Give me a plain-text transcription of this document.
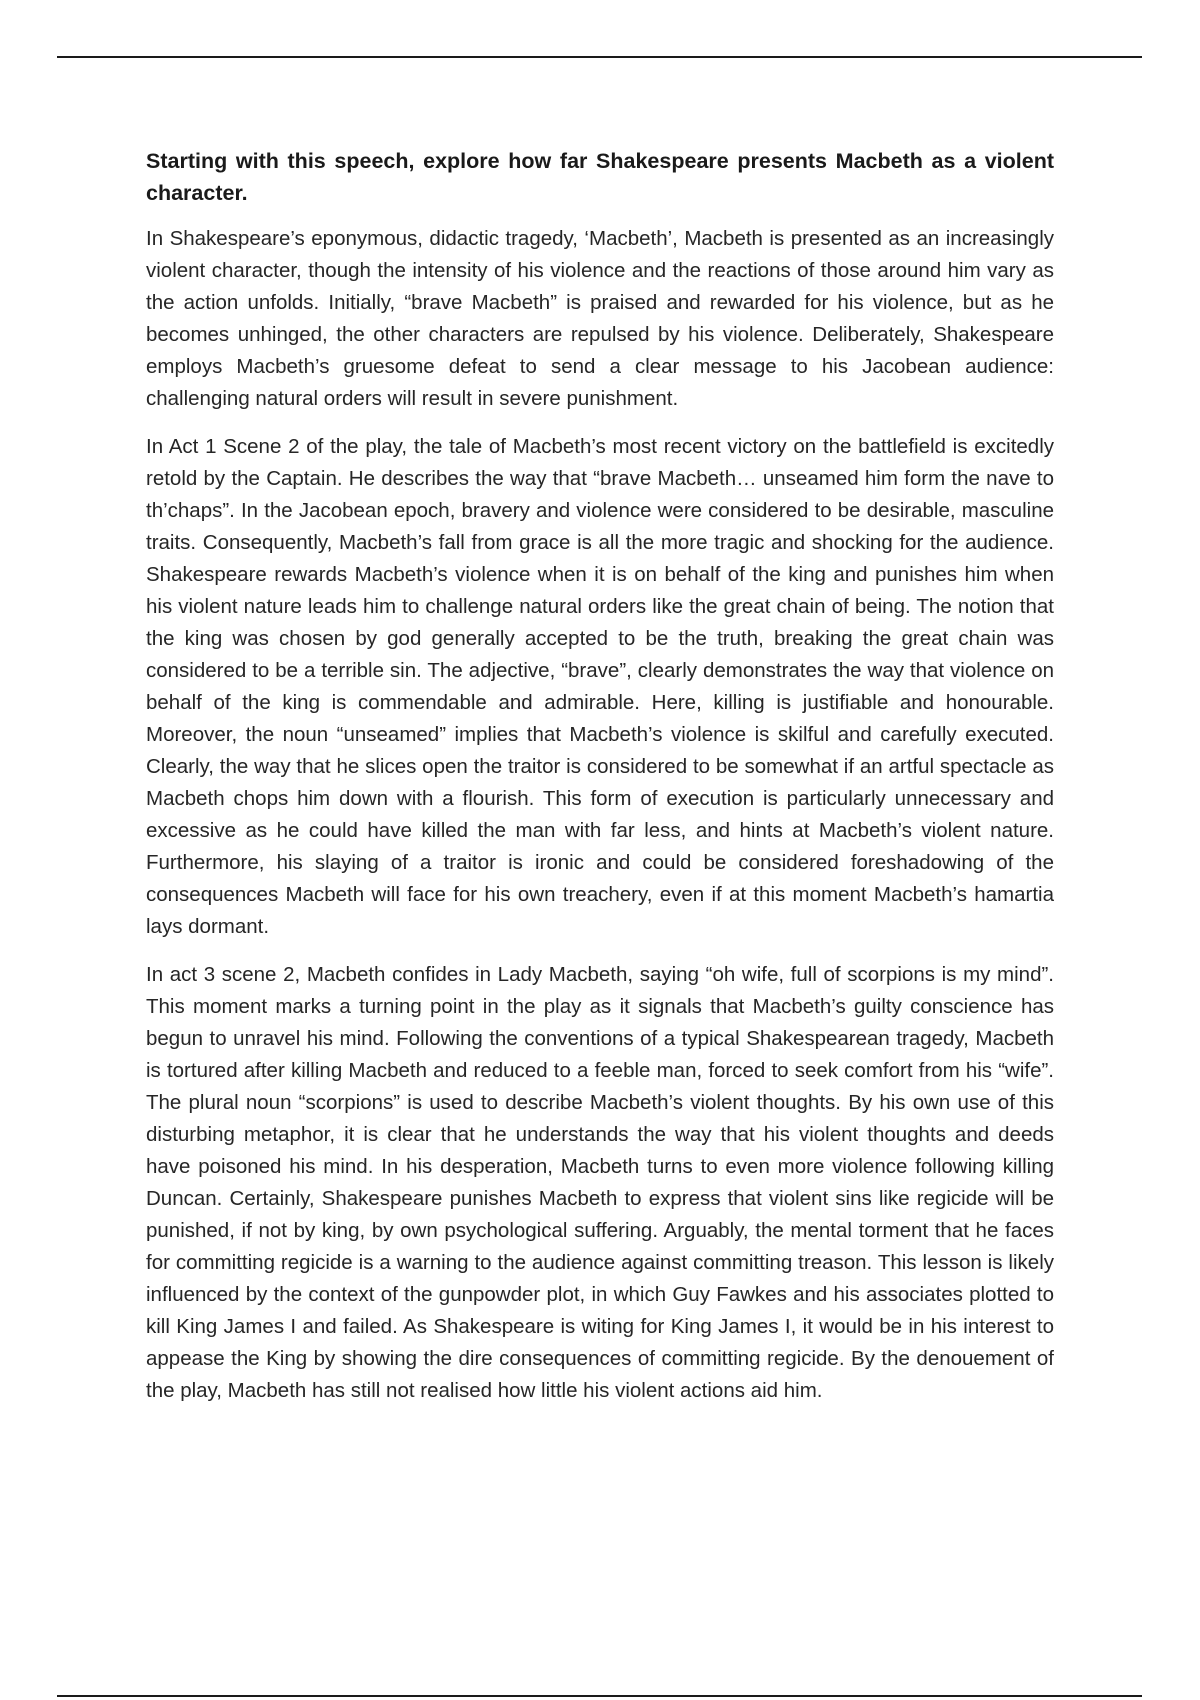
Starting with this speech, explore how far Shakespeare presents Macbeth as a violent character.

In Shakespeare’s eponymous, didactic tragedy, ‘Macbeth’, Macbeth is presented as an increasingly violent character, though the intensity of his violence and the reactions of those around him vary as the action unfolds. Initially, “brave Macbeth” is praised and rewarded for his violence, but as he becomes unhinged, the other characters are repulsed by his violence. Deliberately, Shakespeare employs Macbeth’s gruesome defeat to send a clear message to his Jacobean audience: challenging natural orders will result in severe punishment.

In Act 1 Scene 2 of the play, the tale of Macbeth’s most recent victory on the battlefield is excitedly retold by the Captain. He describes the way that “brave Macbeth… unseamed him form the nave to th’chaps”. In the Jacobean epoch, bravery and violence were considered to be desirable, masculine traits. Consequently, Macbeth’s fall from grace is all the more tragic and shocking for the audience. Shakespeare rewards Macbeth’s violence when it is on behalf of the king and punishes him when his violent nature leads him to challenge natural orders like the great chain of being. The notion that the king was chosen by god generally accepted to be the truth, breaking the great chain was considered to be a terrible sin. The adjective, “brave”, clearly demonstrates the way that violence on behalf of the king is commendable and admirable. Here, killing is justifiable and honourable. Moreover, the noun “unseamed” implies that Macbeth’s violence is skilful and carefully executed. Clearly, the way that he slices open the traitor is considered to be somewhat if an artful spectacle as Macbeth chops him down with a flourish. This form of execution is particularly unnecessary and excessive as he could have killed the man with far less, and hints at Macbeth’s violent nature. Furthermore, his slaying of a traitor is ironic and could be considered foreshadowing of the consequences Macbeth will face for his own treachery, even if at this moment Macbeth’s hamartia lays dormant.

In act 3 scene 2, Macbeth confides in Lady Macbeth, saying “oh wife, full of scorpions is my mind”. This moment marks a turning point in the play as it signals that Macbeth’s guilty conscience has begun to unravel his mind. Following the conventions of a typical Shakespearean tragedy, Macbeth is tortured after killing Macbeth and reduced to a feeble man, forced to seek comfort from his “wife”. The plural noun “scorpions” is used to describe Macbeth’s violent thoughts. By his own use of this disturbing metaphor, it is clear that he understands the way that his violent thoughts and deeds have poisoned his mind. In his desperation, Macbeth turns to even more violence following killing Duncan. Certainly, Shakespeare punishes Macbeth to express that violent sins like regicide will be punished, if not by king, by own psychological suffering. Arguably, the mental torment that he faces for committing regicide is a warning to the audience against committing treason. This lesson is likely influenced by the context of the gunpowder plot, in which Guy Fawkes and his associates plotted to kill King James I and failed. As Shakespeare is witing for King James I, it would be in his interest to appease the King by showing the dire consequences of committing regicide. By the denouement of the play, Macbeth has still not realised how little his violent actions aid him.
